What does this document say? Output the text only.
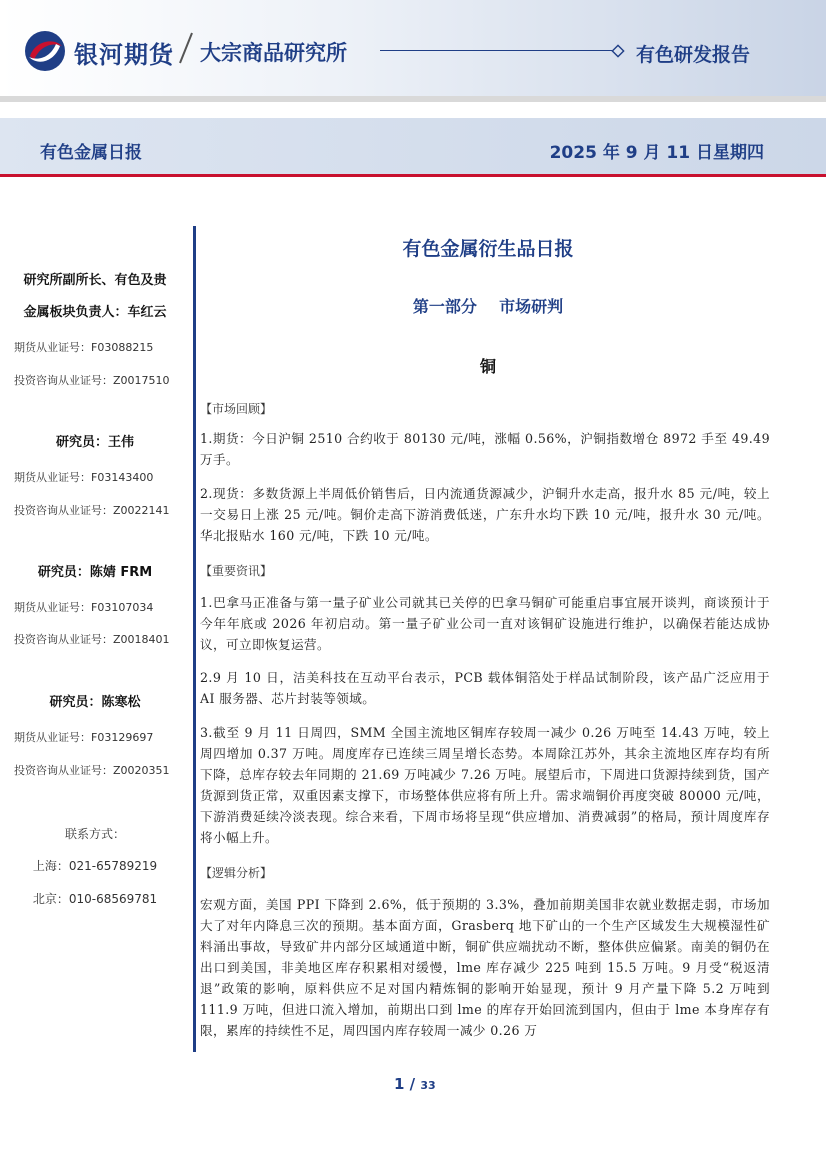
银河期货 大宗商品研究所	有色研发报告
有色金属日报	2025 年 9 月 11 日星期四
研究所副所长、有色及贵
金属板块负责人：车红云
期货从业证号：F03088215
投资咨询从业证号：Z0017510
研究员：王伟
期货从业证号：F03143400
投资咨询从业证号：Z0022141
研究员：陈婧 FRM
期货从业证号：F03107034
投资咨询从业证号：Z0018401
研究员：陈寒松
期货从业证号：F03129697
投资咨询从业证号：Z0020351
联系方式：
上海：021-65789219
北京：010-68569781
有色金属衍生品日报
第一部分    市场研判
铜
【市场回顾】
1.期货：今日沪铜 2510 合约收于 80130 元/吨，涨幅 0.56%，沪铜指数增仓 8972 手至 49.49 万手。
2.现货：多数货源上半周低价销售后，日内流通货源减少，沪铜升水走高，报升水 85 元/吨，较上一交易日上涨 25 元/吨。铜价走高下游消费低迷，广东升水均下跌 10 元/吨，报升水 30 元/吨。华北报贴水 160 元/吨，下跌 10 元/吨。
【重要资讯】
1.巴拿马正准备与第一量子矿业公司就其已关停的巴拿马铜矿可能重启事宜展开谈判，商谈预计于今年年底或 2026 年初启动。第一量子矿业公司一直对该铜矿设施进行维护，以确保若能达成协议，可立即恢复运营。
2.9 月 10 日，洁美科技在互动平台表示，PCB 载体铜箔处于样品试制阶段，该产品广泛应用于 AI 服务器、芯片封装等领域。
3.截至 9 月 11 日周四，SMM 全国主流地区铜库存较周一减少 0.26 万吨至 14.43 万吨，较上周四增加 0.37 万吨。周度库存已连续三周呈增长态势。本周除江苏外，其余主流地区库存均有所下降，总库存较去年同期的 21.69 万吨减少 7.26 万吨。展望后市，下周进口货源持续到货，国产货源到货正常，双重因素支撑下，市场整体供应将有所上升。需求端铜价再度突破 80000 元/吨，下游消费延续冷淡表现。综合来看，下周市场将呈现“供应增加、消费减弱”的格局，预计周度库存将小幅上升。
【逻辑分析】
宏观方面，美国 PPI 下降到 2.6%，低于预期的 3.3%，叠加前期美国非农就业数据走弱，市场加大了对年内降息三次的预期。基本面方面，Grasberq 地下矿山的一个生产区域发生大规模湿性矿料涌出事故，导致矿井内部分区域通道中断，铜矿供应端扰动不断，整体供应偏紧。南美的铜仍在出口到美国，非美地区库存积累相对缓慢，lme 库存减少 225 吨到 15.5 万吨。9 月受“税返清退”政策的影响，原料供应不足对国内精炼铜的影响开始显现，预计 9 月产量下降 5.2 万吨到 111.9 万吨，但进口流入增加，前期出口到 lme 的库存开始回流到国内，但由于 lme 本身库存有限，累库的持续性不足，周四国内库存较周一减少 0.26 万
1 / 33
